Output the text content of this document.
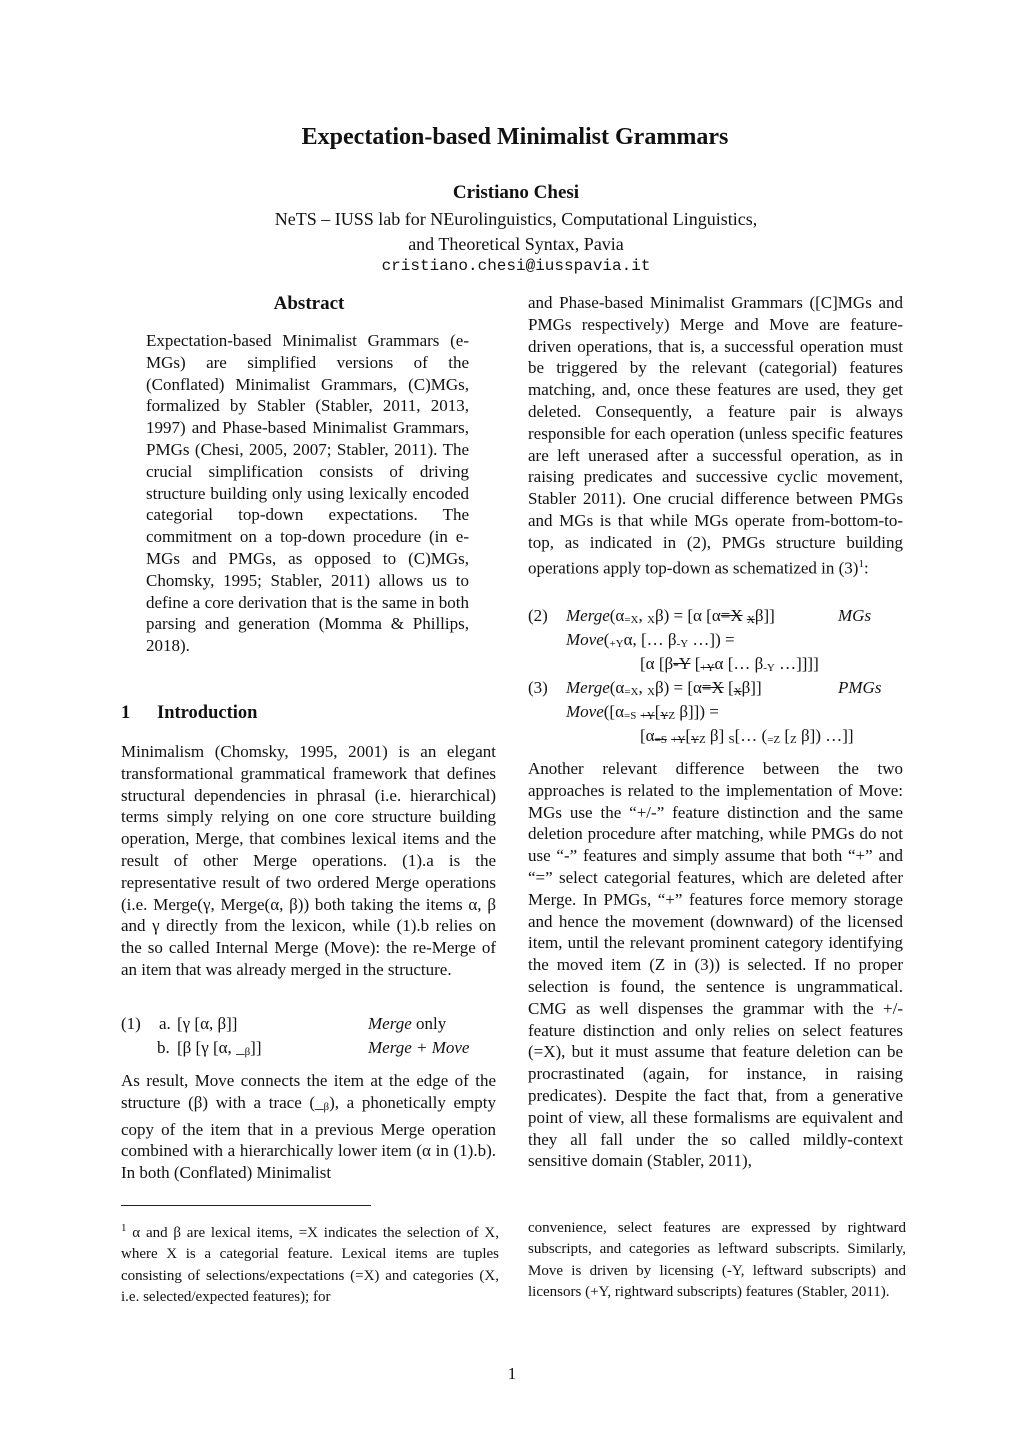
Expectation-based Minimalist Grammars
Cristiano Chesi
NeTS – IUSS lab for NEurolinguistics, Computational Linguistics,
and Theoretical Syntax, Pavia
cristiano.chesi@iusspavia.it
Abstract
Expectation-based Minimalist Grammars (e-MGs) are simplified versions of the (Conflated) Minimalist Grammars, (C)MGs, formalized by Stabler (Stabler, 2011, 2013, 1997) and Phase-based Minimalist Grammars, PMGs (Chesi, 2005, 2007; Stabler, 2011). The crucial simplification consists of driving structure building only using lexically encoded categorial top-down expectations. The commitment on a top-down procedure (in e-MGs and PMGs, as opposed to (C)MGs, Chomsky, 1995; Stabler, 2011) allows us to define a core derivation that is the same in both parsing and generation (Momma & Phillips, 2018).
1 Introduction
Minimalism (Chomsky, 1995, 2001) is an elegant transformational grammatical framework that defines structural dependencies in phrasal (i.e. hierarchical) terms simply relying on one core structure building operation, Merge, that combines lexical items and the result of other Merge operations. (1).a is the representative result of two ordered Merge operations (i.e. Merge(γ, Merge(α, β)) both taking the items α, β and γ directly from the lexicon, while (1).b relies on the so called Internal Merge (Move): the re-Merge of an item that was already merged in the structure.
(1) a. [γ [α, β]]	Merge only
b. [β [γ [α, _β]]	Merge + Move
As result, Move connects the item at the edge of the structure (β) with a trace (_β), a phonetically empty copy of the item that in a previous Merge operation combined with a hierarchically lower item (α in (1).b). In both (Conflated) Minimalist
$^1$ α and β are lexical items, =X indicates the selection of X, where X is a categorial feature. Lexical items are tuples consisting of selections/expectations (=X) and categories (X, i.e. selected/expected features); for
and Phase-based Minimalist Grammars ([C]MGs and PMGs respectively) Merge and Move are feature-driven operations, that is, a successful operation must be triggered by the relevant (categorial) features matching, and, once these features are used, they get deleted. Consequently, a feature pair is always responsible for each operation (unless specific features are left unerased after a successful operation, as in raising predicates and successive cyclic movement, Stabler 2011). One crucial difference between PMGs and MGs is that while MGs operate from-bottom-to-top, as indicated in (2), PMGs structure building operations apply top-down as schematized in $(3)^1$:
(2) Merge(α=X, Xβ) = [α [α=X Xβ]]	MGs
Move(+Yα, [… β-Y …]) =
[α [β-Y [+Yα [… β-Y …]]]]
(3) Merge(α=X, Xβ) = [α=X [Xβ]]	PMGs
Move([α=S +Y[YZ β]]) =
[α=S +Y[YZ β] S[… (=Z [Z β]) …]]
Another relevant difference between the two approaches is related to the implementation of Move: MGs use the “+/-” feature distinction and the same deletion procedure after matching, while PMGs do not use “-” features and simply assume that both “+” and “=” select categorial features, which are deleted after Merge. In PMGs, “+” features force memory storage and hence the movement (downward) of the licensed item, until the relevant prominent category identifying the moved item (Z in (3)) is selected. If no proper selection is found, the sentence is ungrammatical. CMG as well dispenses the grammar with the +/- feature distinction and only relies on select features (=X), but it must assume that feature deletion can be procrastinated (again, for instance, in raising predicates). Despite the fact that, from a generative point of view, all these formalisms are equivalent and they all fall under the so called mildly-context sensitive domain (Stabler, 2011),
convenience, select features are expressed by rightward subscripts, and categories as leftward subscripts. Similarly, Move is driven by licensing (-Y, leftward subscripts) and licensors (+Y, rightward subscripts) features (Stabler, 2011).
1
